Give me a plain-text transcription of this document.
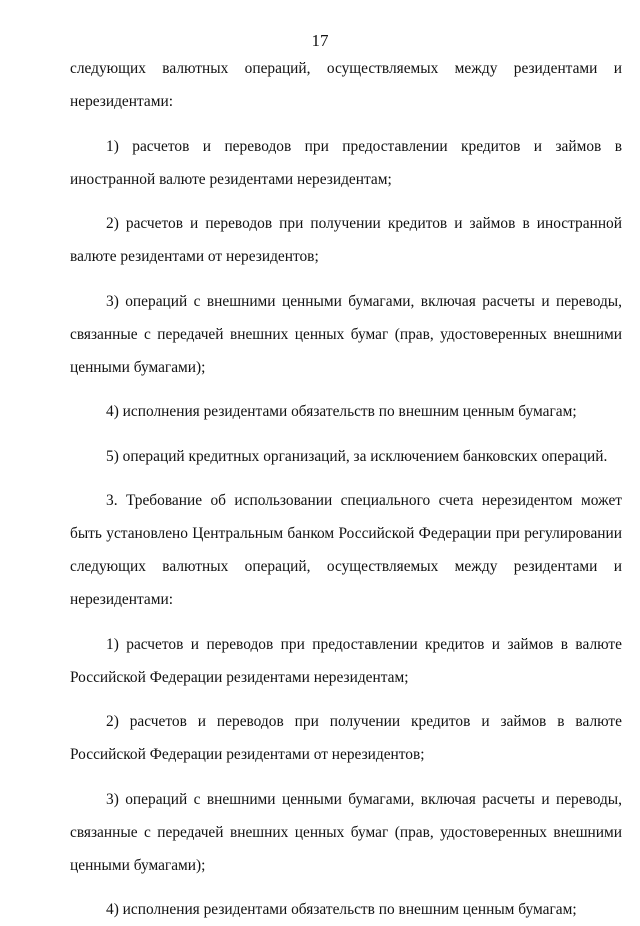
17

следующих валютных операций, осуществляемых между резидентами и нерезидентами:

1) расчетов и переводов при предоставлении кредитов и займов в иностранной валюте резидентами нерезидентам;

2) расчетов и переводов при получении кредитов и займов в иностранной валюте резидентами от нерезидентов;

3) операций с внешними ценными бумагами, включая расчеты и переводы, связанные с передачей внешних ценных бумаг (прав, удостоверенных внешними ценными бумагами);

4) исполнения резидентами обязательств по внешним ценным бумагам;

5) операций кредитных организаций, за исключением банковских операций.

3. Требование об использовании специального счета нерезидентом может быть установлено Центральным банком Российской Федерации при регулировании следующих валютных операций, осуществляемых между резидентами и нерезидентами:

1) расчетов и переводов при предоставлении кредитов и займов в валюте Российской Федерации резидентами нерезидентам;

2) расчетов и переводов при получении кредитов и займов в валюте Российской Федерации резидентами от нерезидентов;

3) операций с внешними ценными бумагами, включая расчеты и переводы, связанные с передачей внешних ценных бумаг (прав, удостоверенных внешними ценными бумагами);

4) исполнения резидентами обязательств по внешним ценным бумагам;
